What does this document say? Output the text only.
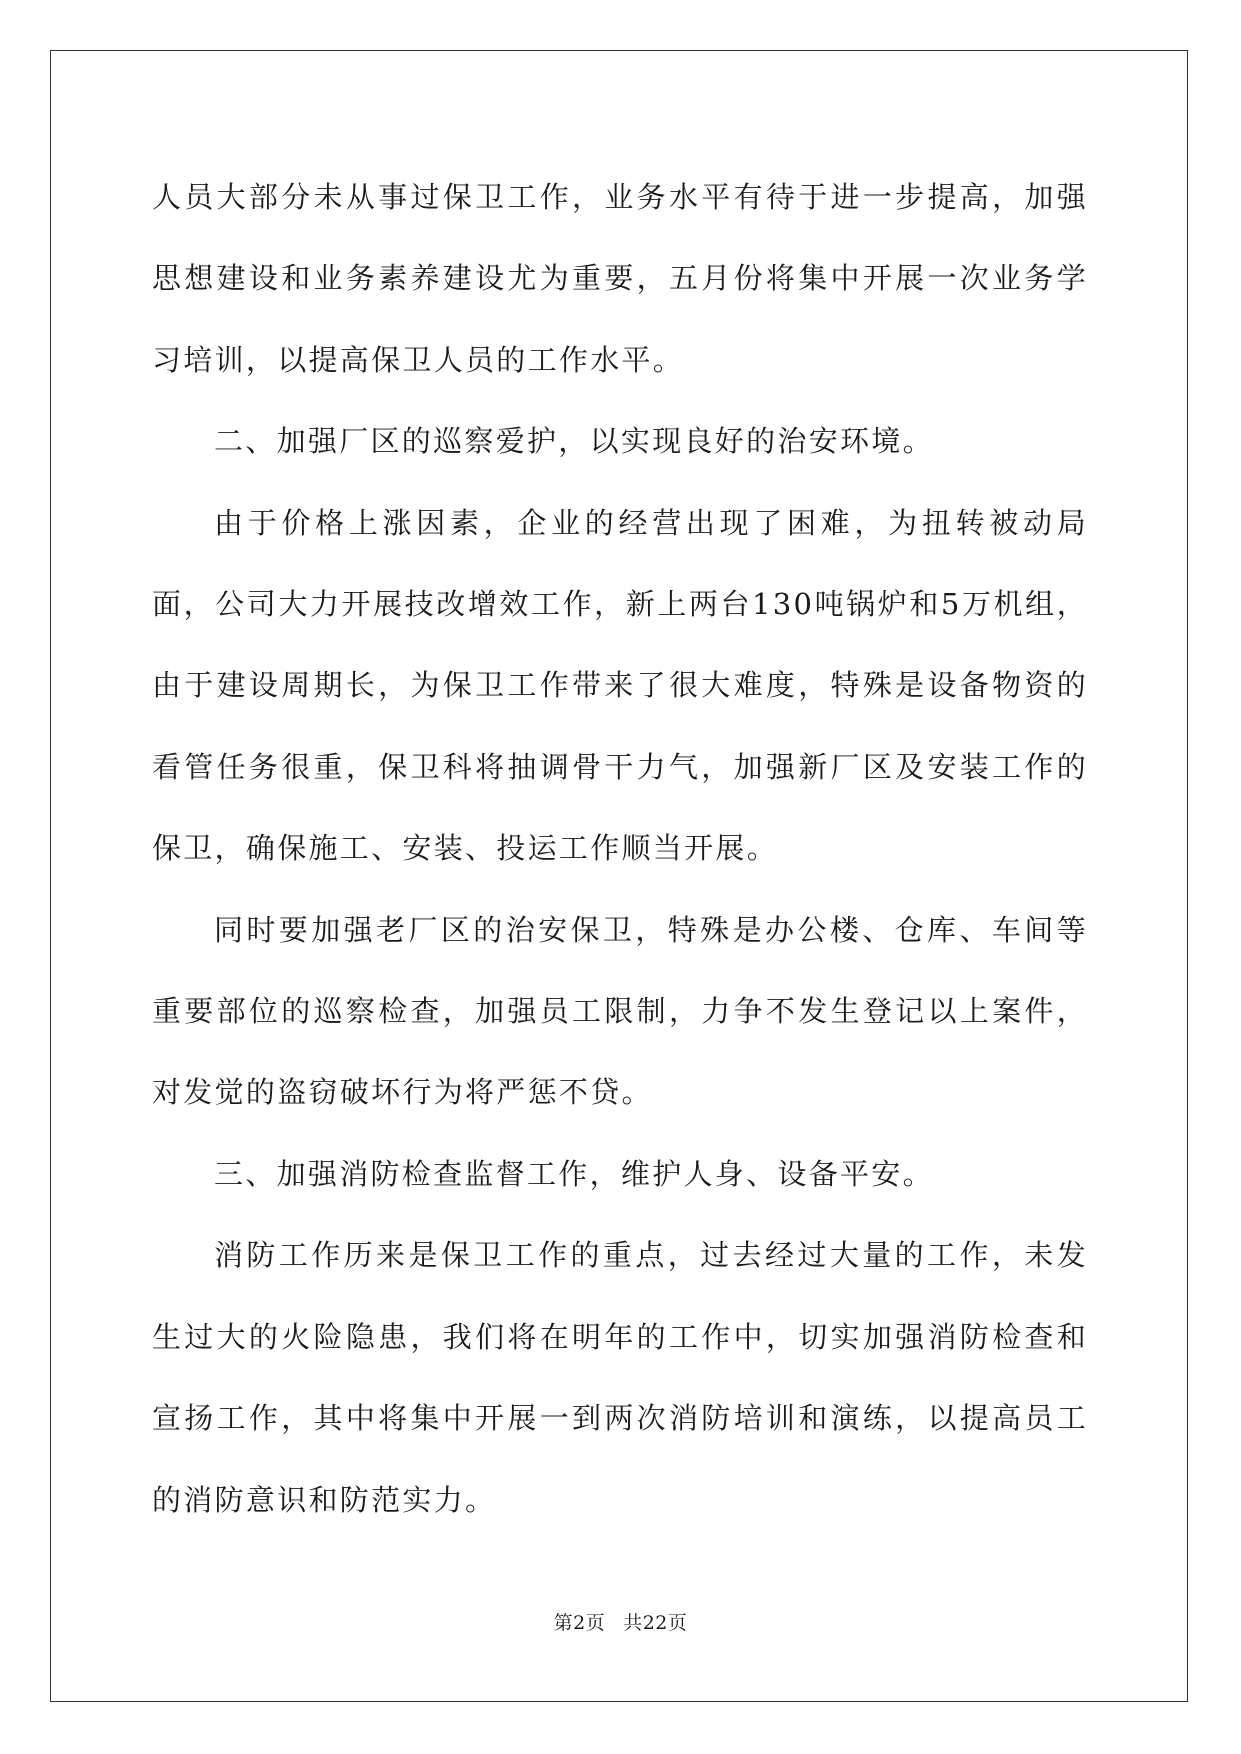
人员大部分未从事过保卫工作，业务水平有待于进一步提高，加强思想建设和业务素养建设尤为重要，五月份将集中开展一次业务学习培训，以提高保卫人员的工作水平。

二、加强厂区的巡察爱护，以实现良好的治安环境。

由于价格上涨因素，企业的经营出现了困难，为扭转被动局面，公司大力开展技改增效工作，新上两台130吨锅炉和5万机组，由于建设周期长，为保卫工作带来了很大难度，特殊是设备物资的看管任务很重，保卫科将抽调骨干力气，加强新厂区及安装工作的保卫，确保施工、安装、投运工作顺当开展。

同时要加强老厂区的治安保卫，特殊是办公楼、仓库、车间等重要部位的巡察检查，加强员工限制，力争不发生登记以上案件，对发觉的盗窃破坏行为将严惩不贷。

三、加强消防检查监督工作，维护人身、设备平安。

消防工作历来是保卫工作的重点，过去经过大量的工作，未发生过大的火险隐患，我们将在明年的工作中，切实加强消防检查和宣扬工作，其中将集中开展一到两次消防培训和演练，以提高员工的消防意识和防范实力。

第2页 共22页
